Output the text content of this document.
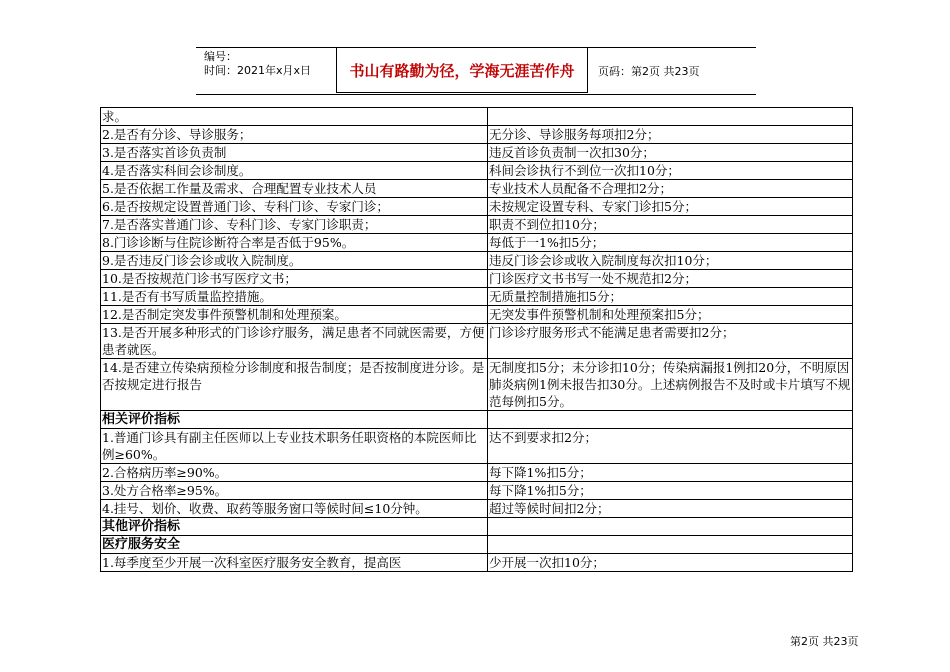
编号：
时间：2021年x月x日	书山有路勤为径，学海无涯苦作舟 页码：第2页 共23页
求。	
2.是否有分诊、导诊服务；	无分诊、导诊服务每项扣2分；
3.是否落实首诊负责制	违反首诊负责制一次扣30分；
4.是否落实科间会诊制度。	科间会诊执行不到位一次扣10分；
5.是否依据工作量及需求、合理配置专业技术人员	专业技术人员配备不合理扣2分；
6.是否按规定设置普通门诊、专科门诊、专家门诊；	未按规定设置专科、专家门诊扣5分；
7.是否落实普通门诊、专科门诊、专家门诊职责；	职责不到位扣10分；
8.门诊诊断与住院诊断符合率是否低于95%。	每低于一1%扣5分；
9.是否违反门诊会诊或收入院制度。	违反门诊会诊或收入院制度每次扣10分；
10.是否按规范门诊书写医疗文书；	门诊医疗文书书写一处不规范扣2分；
11.是否有书写质量监控措施。	无质量控制措施扣5分；
12.是否制定突发事件预警机制和处理预案。	无突发事件预警机制和处理预案扣5分；
13.是否开展多种形式的门诊诊疗服务，满足患者不同就医需要，方便患者就医。	门诊诊疗服务形式不能满足患者需要扣2分；
14.是否建立传染病预检分诊制度和报告制度；是否按制度进分诊。是否按规定进行报告	无制度扣5分；未分诊扣10分；传染病漏报1例扣20分，不明原因肺炎病例1例未报告扣30分。上述病例报告不及时或卡片填写不规范每例扣5分。
相关评价指标	
1.普通门诊具有副主任医师以上专业技术职务任职资格的本院医师比例≥60%。	达不到要求扣2分；
2.合格病历率≥90%。	每下降1%扣5分；
3.处方合格率≥95%。	每下降1%扣5分；
4.挂号、划价、收费、取药等服务窗口等候时间≤10分钟。	超过等候时间扣2分；
其他评价指标	
医疗服务安全	
1.每季度至少开展一次科室医疗服务安全教育，提高医	少开展一次扣10分；
第2页 共23页
